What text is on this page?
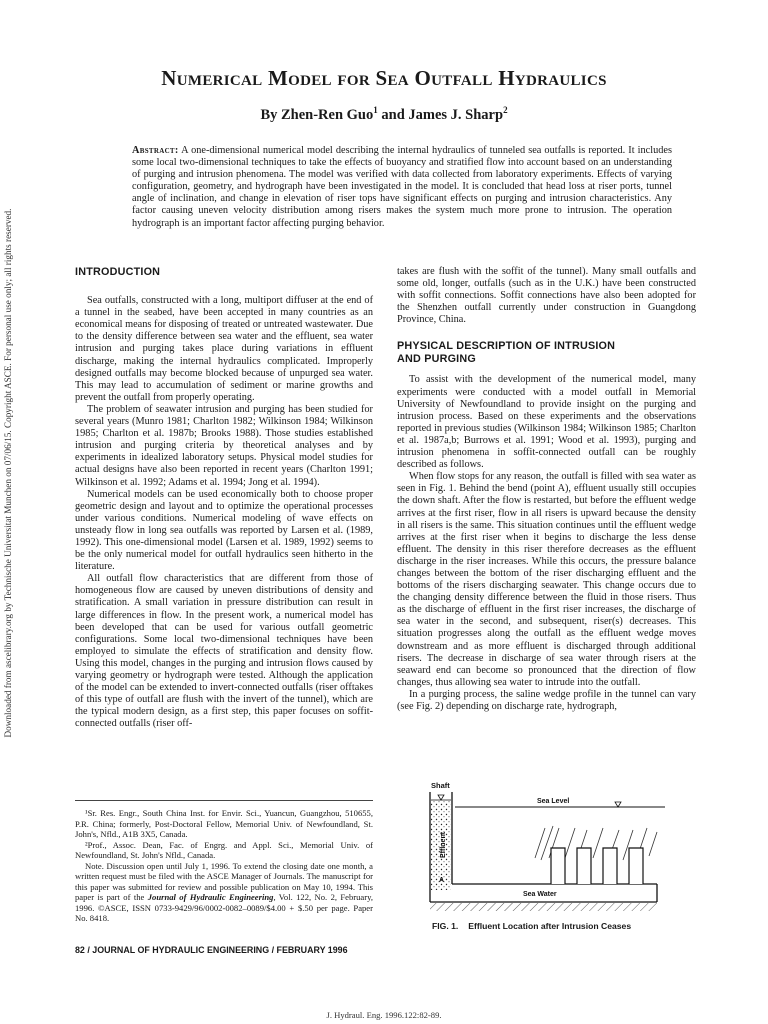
Numerical Model for Sea Outfall Hydraulics
By Zhen-Ren Guo$^1$ and James J. Sharp$^2$
Abstract: A one-dimensional numerical model describing the internal hydraulics of tunneled sea outfalls is reported. It includes some local two-dimensional techniques to take the effects of buoyancy and stratified flow into account based on an understanding of purging and intrusion phenomena. The model was verified with data collected from laboratory experiments. Effects of varying configuration, geometry, and hydrograph have been investigated in the model. It is concluded that head loss at riser ports, tunnel angle of inclination, and change in elevation of riser tops have significant effects on purging and intrusion characteristics. Any factor causing uneven velocity distribution among risers makes the system much more prone to intrusion. The operation hydrograph is an important factor affecting purging behavior.
Downloaded from ascelibrary.org by Technische Universitat Munchen on 07/06/15. Copyright ASCE. For personal use only; all rights reserved.	INTRODUCTION

Sea outfalls, constructed with a long, multiport diffuser at the end of a tunnel in the seabed, have been accepted in many countries as an economical means for disposing of treated or untreated wastewater. Due to the density difference between sea water and the effluent, sea water intrusion and purging takes place during variations in effluent discharge, making the internal hydraulics complicated. Improperly designed outfalls may become blocked because of unpurged sea water. This may lead to accumulation of sediment or marine growths and prevent the outfall from properly operating.

The problem of seawater intrusion and purging has been studied for several years (Munro 1981; Charlton 1982; Wilkinson 1984; Wilkinson 1985; Charlton et al. 1987b; Brooks 1988). Those studies established intrusion and purging criteria by theoretical analyses and by experiments in idealized laboratory setups. Physical model studies for actual designs have also been reported in recent years (Charlton 1991; Wilkinson et al. 1992; Adams et al. 1994; Jong et al. 1994).

Numerical models can be used economically both to choose proper geometric design and layout and to optimize the operational processes under various conditions. Numerical modeling of wave effects on unsteady flow in long sea outfalls was reported by Larsen et al. (1989, 1992). This one-dimensional model (Larsen et al. 1989, 1992) seems to be the only numerical model for outfall hydraulics seen hitherto in the literature.

All outfall flow characteristics that are different from those of homogeneous flow are caused by uneven distributions of density and stratification. A small variation in pressure distribution can result in large differences in flow. In the present work, a numerical model has been developed that can be used for various outfall geometric configurations. Some local two-dimensional techniques have been employed to simulate the effects of stratification and density flow. Using this model, changes in the purging and intrusion flows caused by varying geometry or hydrograph were tested. Although the application of the model can be extended to invert-connected outfalls (riser offtakes of this type of outfall are flush with the invert of the tunnel), which are the typical modern design, as a first step, this paper focuses on soffit-connected outfalls (riser off-

¹Sr. Res. Engr., South China Inst. for Envir. Sci., Yuancun, Guangzhou, 510655, P.R. China; formerly, Post-Doctoral Fellow, Memorial Univ. of Newfoundland, St. John's, Nfld., A1B 3X5, Canada.

²Prof., Assoc. Dean, Fac. of Engrg. and Appl. Sci., Memorial Univ. of Newfoundland, St. John's Nfld., Canada.

Note. Discussion open until July 1, 1996. To extend the closing date one month, a written request must be filed with the ASCE Manager of Journals. The manuscript for this paper was submitted for review and possible publication on May 10, 1994. This paper is part of the Journal of Hydraulic Engineering, Vol. 122, No. 2, February, 1996. ©ASCE, ISSN 0733-9429/96/0002-0082–0089/$4.00 + $.50 per page. Paper No. 8418.

takes are flush with the soffit of the tunnel). Many small outfalls and some old, longer, outfalls (such as in the U.K.) have been constructed with soffit connections. Soffit connections have also been adopted for the Shenzhen outfall currently under construction in Guangdong Province, China.

PHYSICAL DESCRIPTION OF INTRUSION
AND PURGING

To assist with the development of the numerical model, many experiments were conducted with a model outfall in Memorial University of Newfoundland to provide insight on the purging and intrusion process. Based on these experiments and the observations reported in previous studies (Wilkinson 1984; Wilkinson 1985; Charlton et al. 1987a,b; Burrows et al. 1991; Wood et al. 1993), purging and intrusion phenomena in soffit-connected outfall can be roughly described as follows.

When flow stops for any reason, the outfall is filled with sea water as seen in Fig. 1. Behind the bend (point A), effluent usually still occupies the down shaft. After the flow is restarted, but before the effluent wedge arrives at the first riser, flow in all risers is upward because the density in all risers is the same. This situation continues until the effluent wedge arrives at the first riser when it begins to discharge the less dense effluent. The density in this riser therefore decreases as the effluent discharge in the riser increases. While this occurs, the pressure balance changes between the bottom of the riser discharging effluent and the bottoms of the risers discharging seawater. This change occurs due to the changing density difference between the fluid in those risers. Thus as the discharge of effluent in the first riser increases, the discharge of sea water in the second, and subsequent, riser(s) decreases. This situation progresses along the outfall as the effluent wedge moves downstream and as more effluent is discharged through additional risers. The decrease in discharge of sea water through risers at the seaward end can become so pronounced that the direction of flow changes, thus allowing sea water to intrude into the outfall.

In a purging process, the saline wedge profile in the tunnel can vary (see Fig. 2) depending on discharge rate, hydrograph,

Shaft
Sea Level
Effluent
A
Sea Water
FIG. 1. Effluent Location after Intrusion Ceases
82 / JOURNAL OF HYDRAULIC ENGINEERING / FEBRUARY 1996
J. Hydraul. Eng. 1996.122:82-89.
